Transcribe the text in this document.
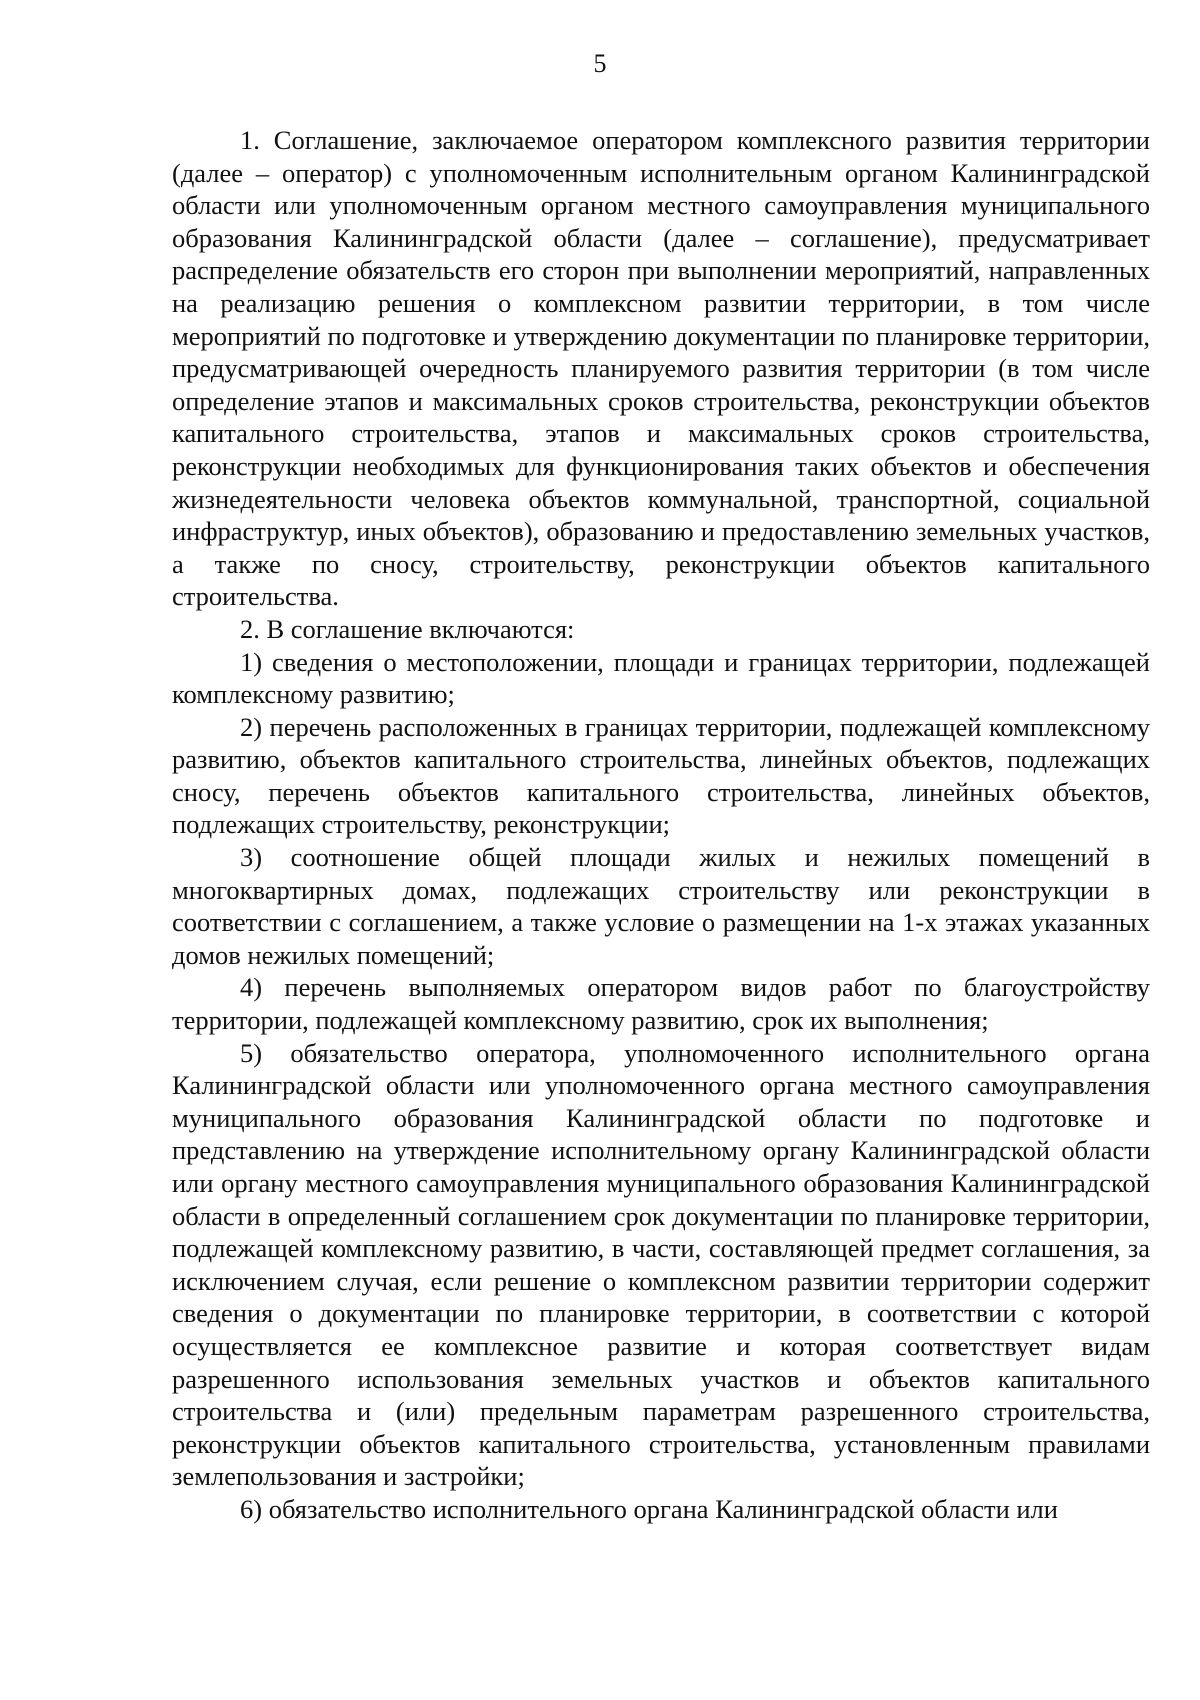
5

1. Соглашение, заключаемое оператором комплексного развития территории (далее – оператор) с уполномоченным исполнительным органом Калининградской области или уполномоченным органом местного самоуправления муниципального образования Калининградской области (далее – соглашение), предусматривает распределение обязательств его сторон при выполнении мероприятий, направленных на реализацию решения о комплексном развитии территории, в том числе мероприятий по подготовке и утверждению документации по планировке территории, предусматривающей очередность планируемого развития территории (в том числе определение этапов и максимальных сроков строительства, реконструкции объектов капитального строительства, этапов и максимальных сроков строительства, реконструкции необходимых для функционирования таких объектов и обеспечения жизнедеятельности человека объектов коммунальной, транспортной, социальной инфраструктур, иных объектов), образованию и предоставлению земельных участков, а также по сносу, строительству, реконструкции объектов капитального строительства.

2. В соглашение включаются:

1) сведения о местоположении, площади и границах территории, подлежащей комплексному развитию;

2) перечень расположенных в границах территории, подлежащей комплексному развитию, объектов капитального строительства, линейных объектов, подлежащих сносу, перечень объектов капитального строительства, линейных объектов, подлежащих строительству, реконструкции;

3) соотношение общей площади жилых и нежилых помещений в многоквартирных домах, подлежащих строительству или реконструкции в соответствии с соглашением, а также условие о размещении на 1-х этажах указанных домов нежилых помещений;

4) перечень выполняемых оператором видов работ по благоустройству территории, подлежащей комплексному развитию, срок их выполнения;

5) обязательство оператора, уполномоченного исполнительного органа Калининградской области или уполномоченного органа местного самоуправления муниципального образования Калининградской области по подготовке и представлению на утверждение исполнительному органу Калининградской области или органу местного самоуправления муниципального образования Калининградской области в определенный соглашением срок документации по планировке территории, подлежащей комплексному развитию, в части, составляющей предмет соглашения, за исключением случая, если решение о комплексном развитии территории содержит сведения о документации по планировке территории, в соответствии с которой осуществляется ее комплексное развитие и которая соответствует видам разрешенного использования земельных участков и объектов капитального строительства и (или) предельным параметрам разрешенного строительства, реконструкции объектов капитального строительства, установленным правилами землепользования и застройки;

6) обязательство исполнительного органа Калининградской области или
